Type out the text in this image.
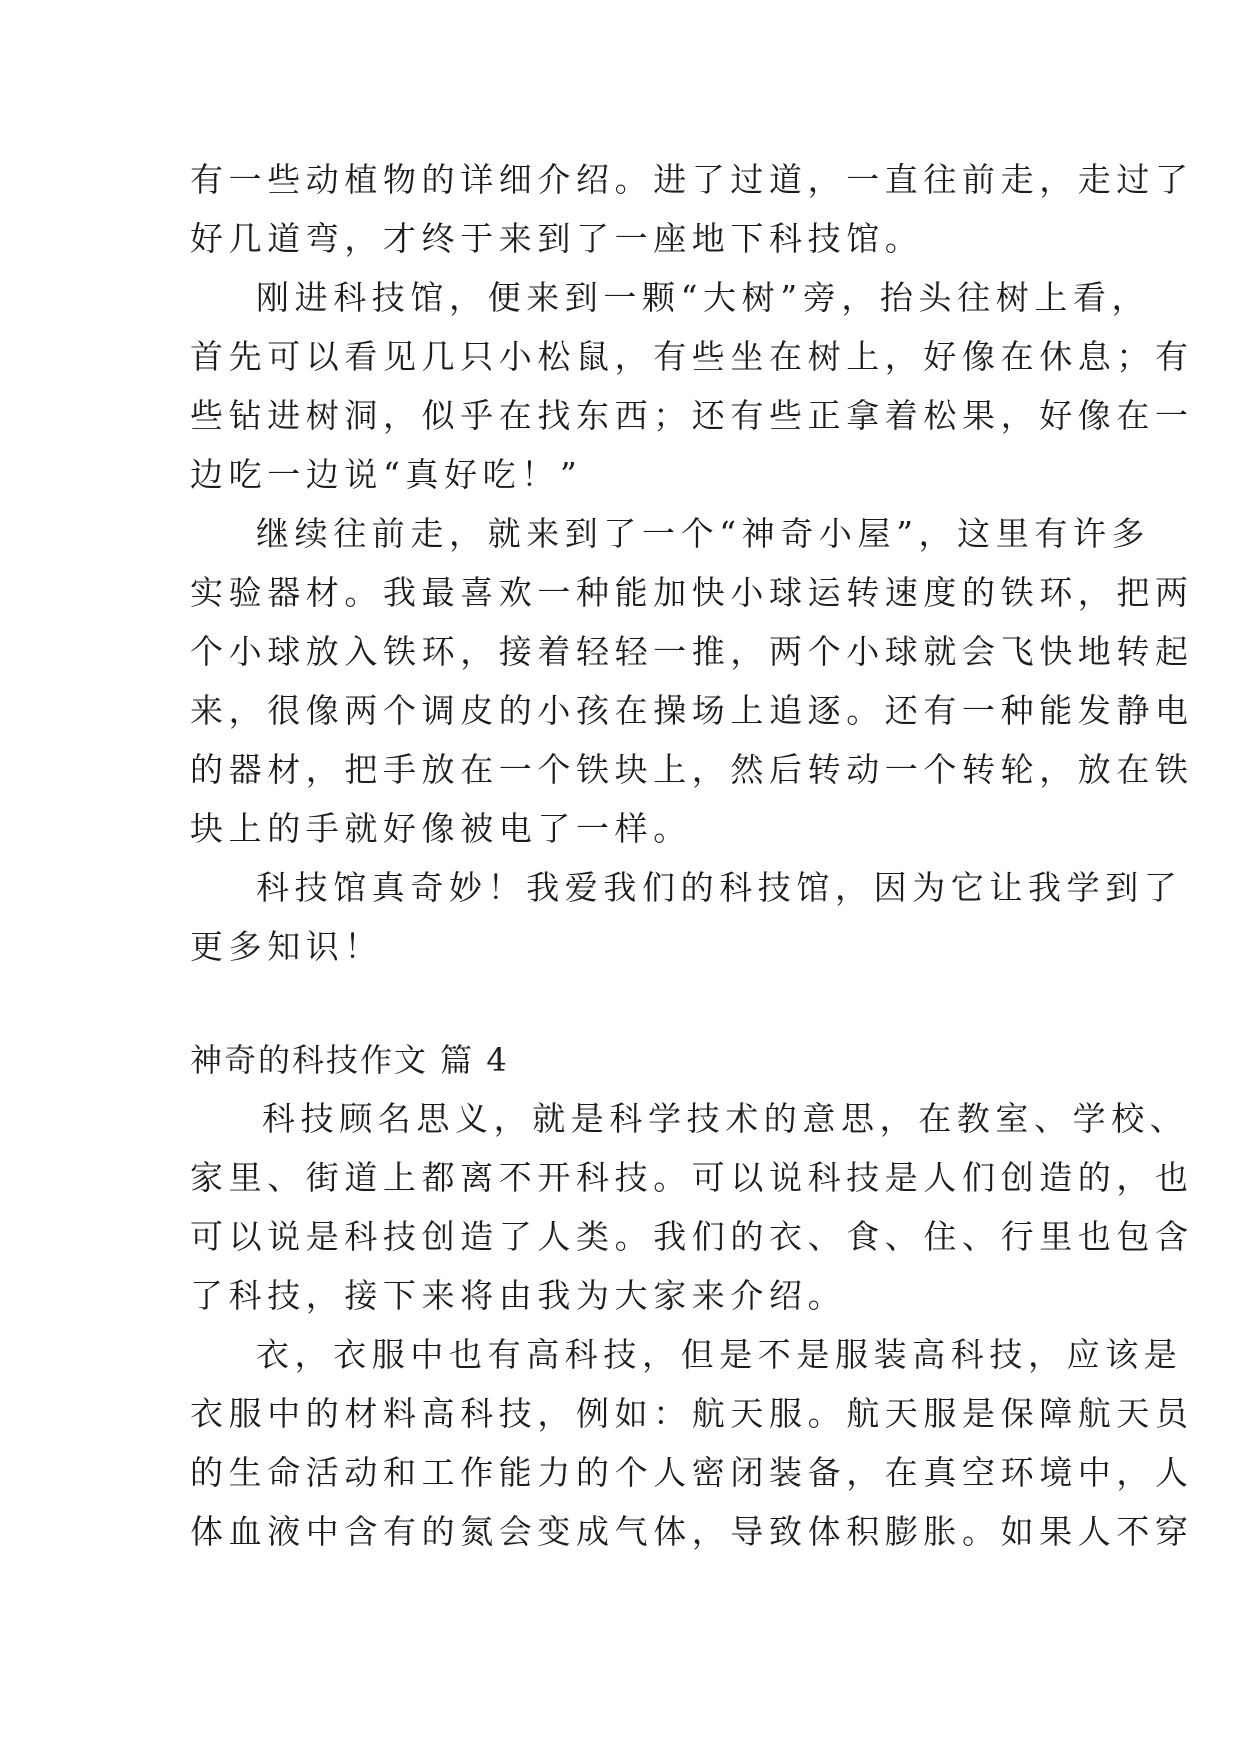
有一些动植物的详细介绍。进了过道，一直往前走，走过了
好几道弯，才终于来到了一座地下科技馆。
刚进科技馆，便来到一颗“大树”旁，抬头往树上看，
首先可以看见几只小松鼠，有些坐在树上，好像在休息；有
些钻进树洞，似乎在找东西；还有些正拿着松果，好像在一
边吃一边说“真好吃！”
继续往前走，就来到了一个“神奇小屋”，这里有许多
实验器材。我最喜欢一种能加快小球运转速度的铁环，把两
个小球放入铁环，接着轻轻一推，两个小球就会飞快地转起
来，很像两个调皮的小孩在操场上追逐。还有一种能发静电
的器材，把手放在一个铁块上，然后转动一个转轮，放在铁
块上的手就好像被电了一样。
科技馆真奇妙！我爱我们的科技馆，因为它让我学到了
更多知识！
神奇的科技作文 篇 4
科技顾名思义，就是科学技术的意思，在教室、学校、
家里、街道上都离不开科技。可以说科技是人们创造的，也
可以说是科技创造了人类。我们的衣、食、住、行里也包含
了科技，接下来将由我为大家来介绍。
衣，衣服中也有高科技，但是不是服装高科技，应该是
衣服中的材料高科技，例如：航天服。航天服是保障航天员
的生命活动和工作能力的个人密闭装备，在真空环境中，人
体血液中含有的氮会变成气体，导致体积膨胀。如果人不穿
